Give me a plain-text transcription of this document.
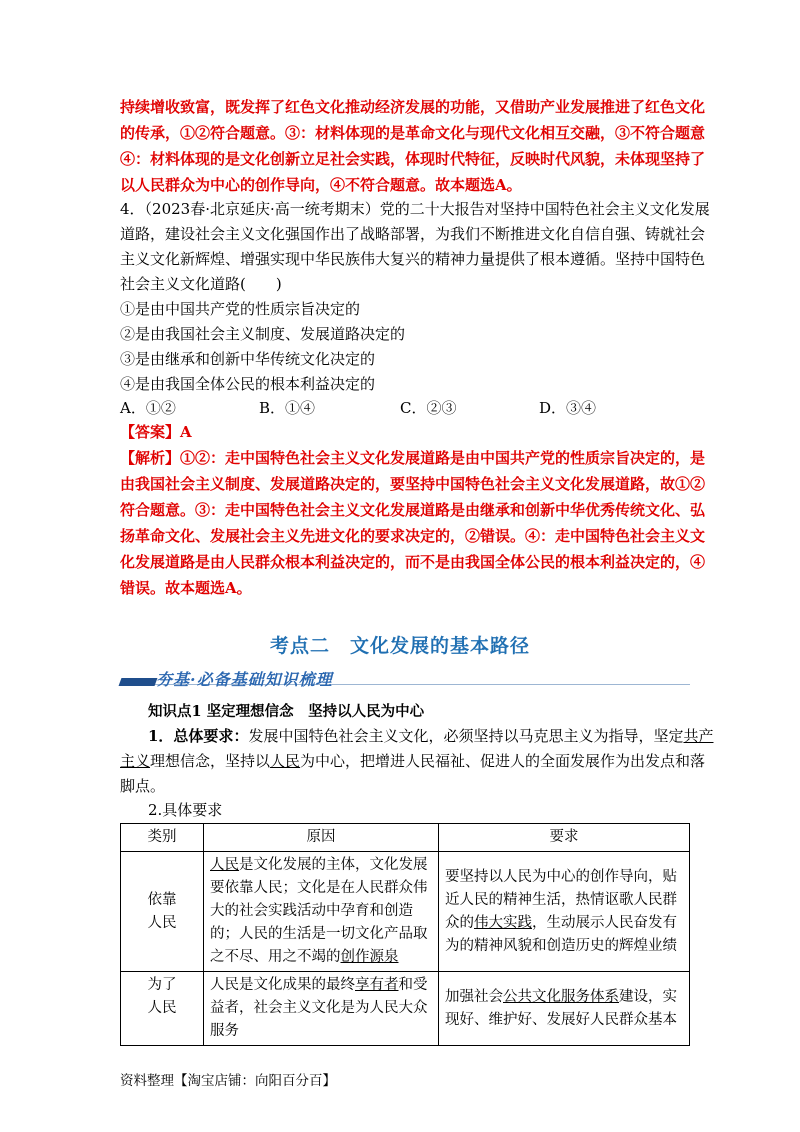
持续增收致富，既发挥了红色文化推动经济发展的功能，又借助产业发展推进了红色文化
的传承，①②符合题意。③：材料体现的是革命文化与现代文化相互交融，③不符合题意
④：材料体现的是文化创新立足社会实践，体现时代特征，反映时代风貌，未体现坚持了
以人民群众为中心的创作导向，④不符合题意。故本题选A。
4．（2023春·北京延庆·高一统考期末）党的二十大报告对坚持中国特色社会主义文化发展
道路，建设社会主义文化强国作出了战略部署，为我们不断推进文化自信自强、铸就社会
主义文化新辉煌、增强实现中华民族伟大复兴的精神力量提供了根本遵循。坚持中国特色
社会主义文化道路(　　)
①是由中国共产党的性质宗旨决定的
②是由我国社会主义制度、发展道路决定的
③是由继承和创新中华传统文化决定的
④是由我国全体公民的根本利益决定的
A．①②	B．①④	C．②③	D．③④
【答案】A
【解析】①②：走中国特色社会主义文化发展道路是由中国共产党的性质宗旨决定的，是
由我国社会主义制度、发展道路决定的，要坚持中国特色社会主义文化发展道路，故①②
符合题意。③：走中国特色社会主义文化发展道路是由继承和创新中华优秀传统文化、弘
扬革命文化、发展社会主义先进文化的要求决定的，②错误。④：走中国特色社会主义文
化发展道路是由人民群众根本利益决定的，而不是由我国全体公民的根本利益决定的，④
错误。故本题选A。
考点二　文化发展的基本路径
夯基·必备基础知识梳理
知识点1 坚定理想信念　坚持以人民为中心
1．总体要求：发展中国特色社会主义文化，必须坚持以马克思主义为指导，坚定共产
主义理想信念，坚持以人民为中心，把增进人民福祉、促进人的全面发展作为出发点和落
脚点。
2.具体要求
类别	原因	要求
依靠
人民	人民是文化发展的主体，文化发展要依靠人民；文化是在人民群众伟大的社会实践活动中孕育和创造的；人民的生活是一切文化产品取之不尽、用之不竭的创作源泉	要坚持以人民为中心的创作导向，贴近人民的精神生活，热情讴歌人民群众的伟大实践，生动展示人民奋发有为的精神风貌和创造历史的辉煌业绩
为了
人民	人民是文化成果的最终享有者和受益者，社会主义文化是为人民大众服务	加强社会公共文化服务体系建设，实现好、维护好、发展好人民群众基本
资料整理【淘宝店铺：向阳百分百】
